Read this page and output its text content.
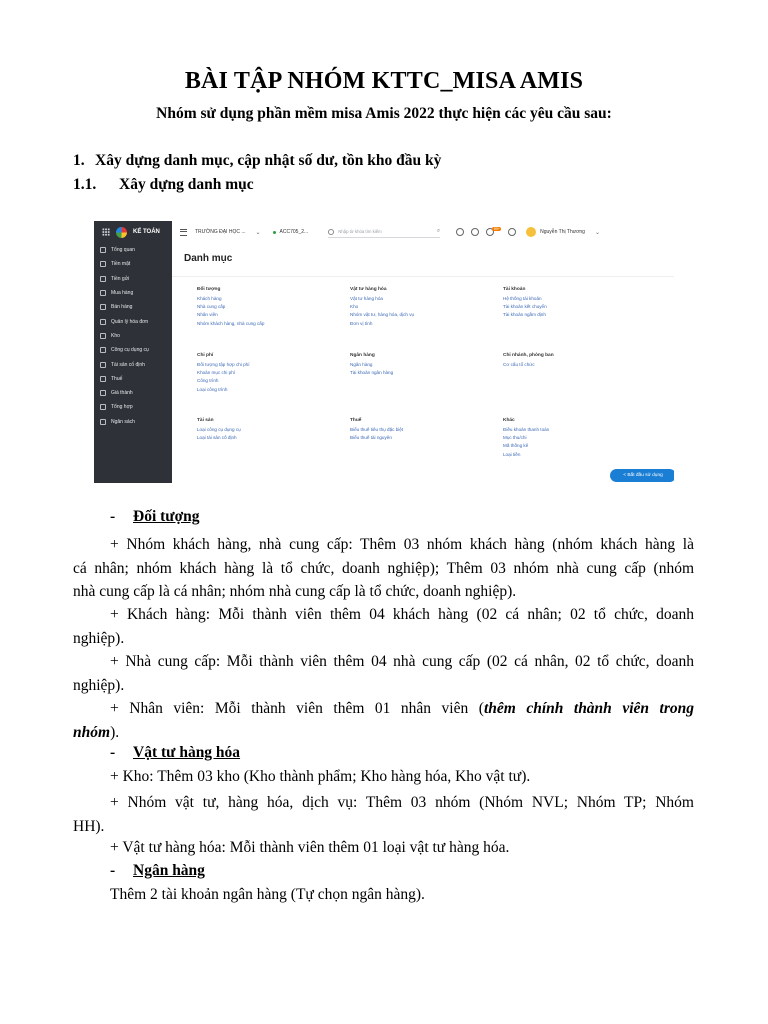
BÀI TẬP NHÓM KTTC_MISA AMIS
Nhóm sử dụng phần mềm misa Amis 2022 thực hiện các yêu cầu sau:
1. Xây dựng danh mục, cập nhật số dư, tồn kho đầu kỳ
1.1. Xây dựng danh mục
KẾ TOÁN
Tổng quan
Tiền mặt
Tiền gửi
Mua hàng
Bán hàng
Quản lý hóa đơn
Kho
Công cụ dụng cụ
Tài sản cố định
Thuế
Giá thành
Tổng hợp
Ngân sách
TRƯỜNG ĐẠI HỌC ... ⌄	ACC705_2...	Nhập từ khóa tìm kiếm	⌕	99+
Nguyễn Thị Thương ⌄
Danh mục
Đối tượng
Khách hàng
Nhà cung cấp
Nhân viên
Nhóm khách hàng, nhà cung cấp
Vật tư hàng hóa
Vật tư hàng hóa
Kho
Nhóm vật tư, hàng hóa, dịch vụ
Đơn vị tính
Tài khoản
Hệ thống tài khoản
Tài khoản kết chuyển
Tài khoản ngầm định
Chi phí
Đối tượng tập hợp chi phí
Khoản mục chi phí
Công trình
Loại công trình
Ngân hàng
Ngân hàng
Tài khoản ngân hàng
Chi nhánh, phòng ban
Cơ cấu tổ chức
Tài sản
Loại công cụ dụng cụ
Loại tài sản cố định
Thuế
Biểu thuế tiêu thụ đặc biệt
Biểu thuế tài nguyên
Khác
Điều khoản thanh toán
Mục thu/chi
Mã thống kê
Loại tiền
< Bắt đầu sử dụng
- Đối tượng
+ Nhóm khách hàng, nhà cung cấp: Thêm 03 nhóm khách hàng (nhóm khách hàng là
cá nhân; nhóm khách hàng là tổ chức, doanh nghiệp); Thêm 03 nhóm nhà cung cấp (nhóm
nhà cung cấp là cá nhân; nhóm nhà cung cấp là tổ chức, doanh nghiệp).
+ Khách hàng: Mỗi thành viên thêm 04 khách hàng (02 cá nhân; 02 tổ chức, doanh
nghiệp).
+ Nhà cung cấp: Mỗi thành viên thêm 04 nhà cung cấp (02 cá nhân, 02 tổ chức, doanh
nghiệp).
+ Nhân viên: Mỗi thành viên thêm 01 nhân viên (thêm chính thành viên trong
nhóm).
- Vật tư hàng hóa
+ Kho: Thêm 03 kho (Kho thành phẩm; Kho hàng hóa, Kho vật tư).
+ Nhóm vật tư, hàng hóa, dịch vụ: Thêm 03 nhóm (Nhóm NVL; Nhóm TP; Nhóm
HH).
+ Vật tư hàng hóa: Mỗi thành viên thêm 01 loại vật tư hàng hóa.
- Ngân hàng
Thêm 2 tài khoản ngân hàng (Tự chọn ngân hàng).
